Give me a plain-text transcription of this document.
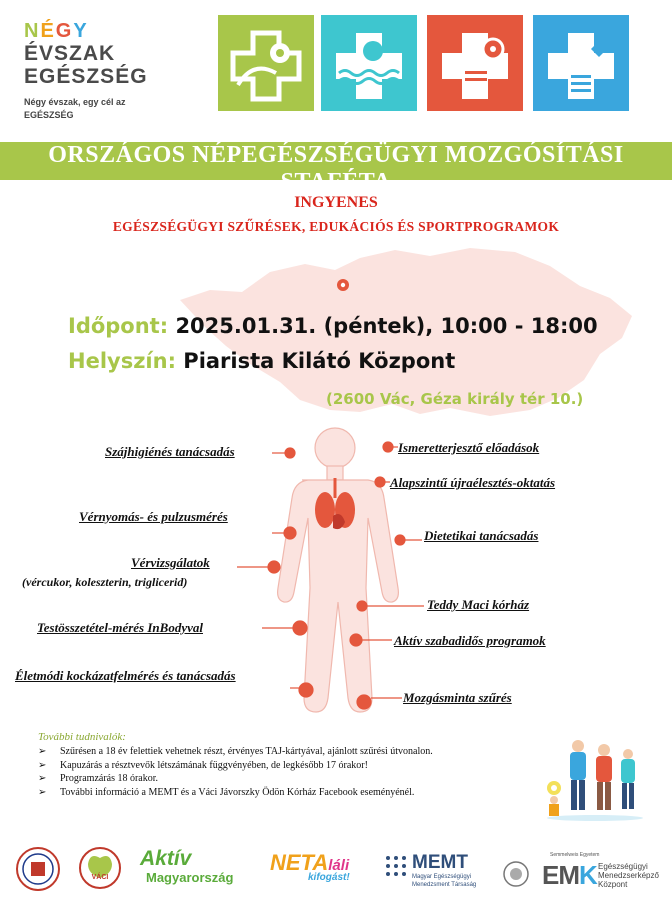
NÉGY
ÉVSZAK
EGÉSZSÉG
Négy évszak, egy cél az
EGÉSZSÉG
ORSZÁGOS NÉPEGÉSZSÉGÜGYI MOZGÓSÍTÁSI STAFÉTA
INGYENES
EGÉSZSÉGÜGYI SZŰRÉSEK, EDUKÁCIÓS ÉS SPORTPROGRAMOK
Időpont: 2025.01.31. (péntek), 10:00 - 18:00
Helyszín: Piarista Kilátó Központ
(2600 Vác, Géza király tér 10.)
Szájhigiénés tanácsadás
Vérnyomás- és pulzusmérés
Vérvizsgálatok
(vércukor, koleszterin, triglicerid)
Testösszetétel-mérés InBodyval
Életmódi kockázatfelmérés és tanácsadás
Ismeretterjesztő előadások
Alapszintű újraélesztés-oktatás
Dietetikai tanácsadás
Teddy Maci kórház
Aktív szabadidős programok
Mozgásminta szűrés
További tudnivalók:
➢ Szűrésen a 18 év felettiek vehetnek részt, érvényes TAJ-kártyával, ajánlott szűrési útvonalon.
➢ Kapuzárás a résztvevők létszámának függvényében, de legkésőbb 17 órakor!
➢ Programzárás 18 órakor.
➢ További információ a MEMT és a Váci Jávorszky Ödön Kórház Facebook eseményénél.
VÁCI
Aktív
Magyarország
NETAláli
kifogást!
MEMT
Magyar Egészségügyi
Menedzsment Társaság
Semmelweis Egyetem
EMK Egészségügyi
Menedzserképző
Központ
